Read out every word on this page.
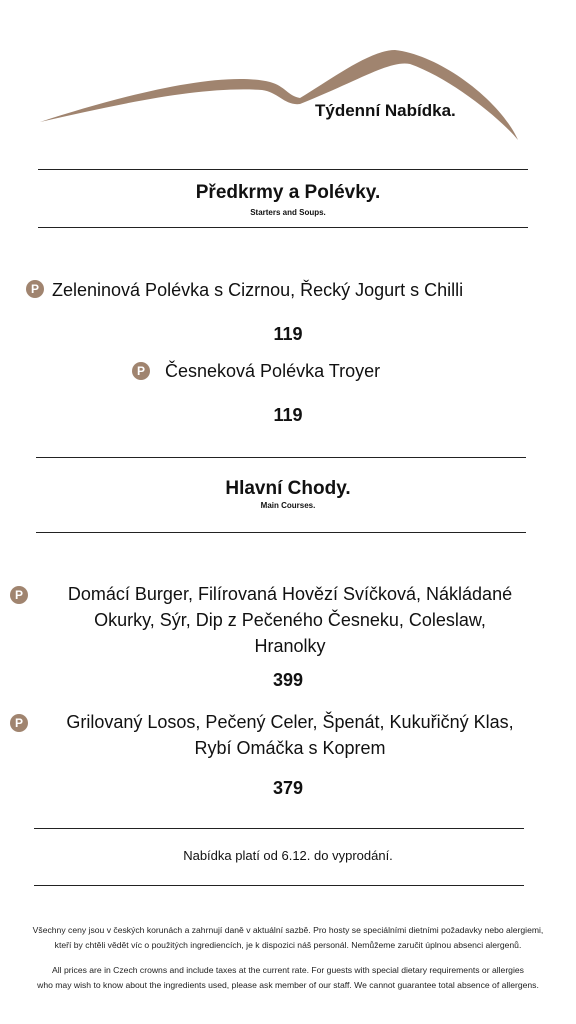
Týdenní Nabídka.
Předkrmy a Polévky.
Starters and Soups.
P Zeleninová Polévka s Cizrnou, Řecký Jogurt s Chilli
119
P Česneková Polévka Troyer
119
Hlavní Chody.
Main Courses.
P	Domácí Burger, Filírovaná Hovězí Svíčková, Nákládané
Okurky, Sýr, Dip z Pečeného Česneku, Coleslaw,
Hranolky
399
P	Grilovaný Losos, Pečený Celer, Špenát, Kukuřičný Klas,
Rybí Omáčka s Koprem
379
Nabídka platí od 6.12. do vyprodání.
Všechny ceny jsou v českých korunách a zahrnují daně v aktuální sazbě. Pro hosty se speciálními dietními požadavky nebo alergiemi,
kteří by chtěli vědět víc o použitých ingrediencích, je k dispozici náš personál. Nemůžeme zaručit úplnou absenci alergenů.
All prices are in Czech crowns and include taxes at the current rate. For guests with special dietary requirements or allergies
who may wish to know about the ingredients used, please ask member of our staff. We cannot guarantee total absence of allergens.
